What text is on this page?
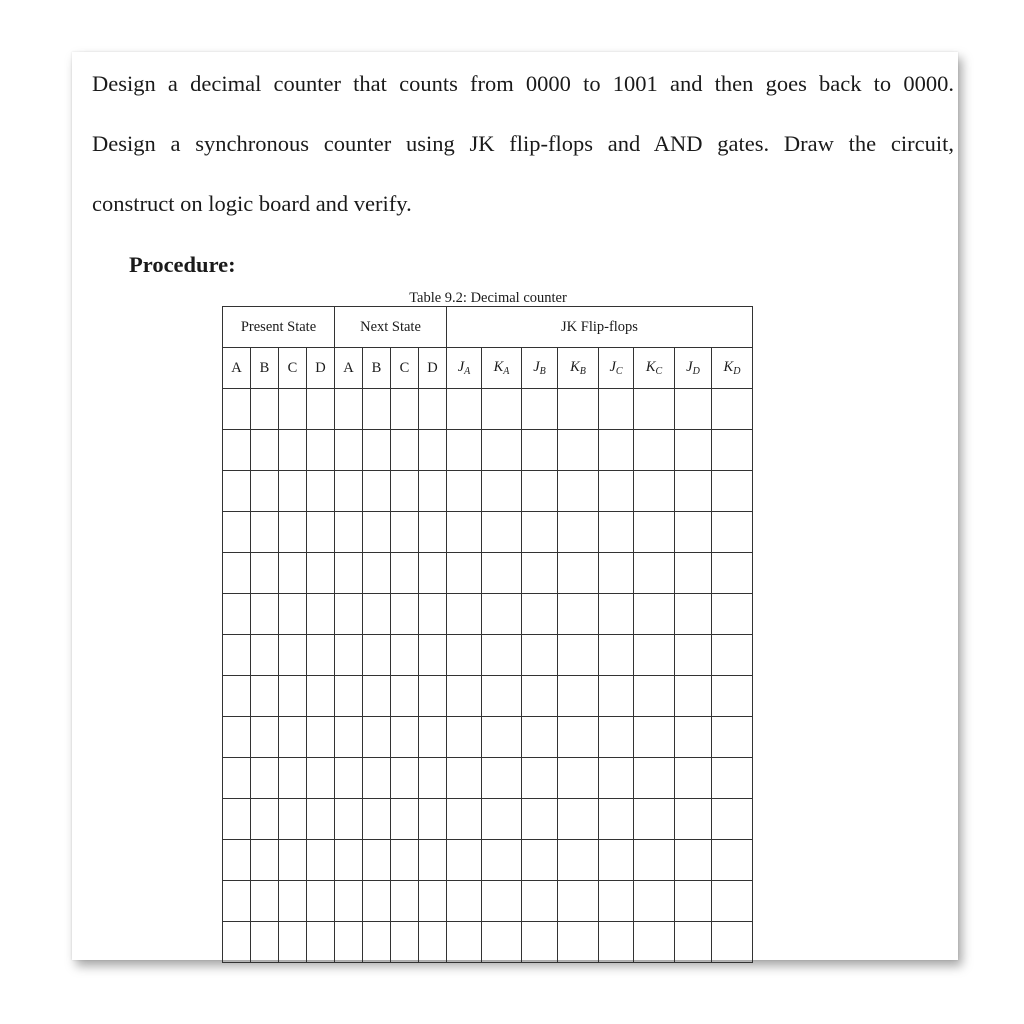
Design a decimal counter that counts from 0000 to 1001 and then goes back to 0000.

Design a synchronous counter using JK flip-flops and AND gates. Draw the circuit,

construct on logic board and verify.

Procedure:

Table 9.2: Decimal counter

Present State				Next State				JK Flip-flops							
A	B	C	D	A	B	C	D	$J_A$	$K_A$	$J_B$	$K_B$	$J_C$	$K_C$	$J_D$	$K_D$
